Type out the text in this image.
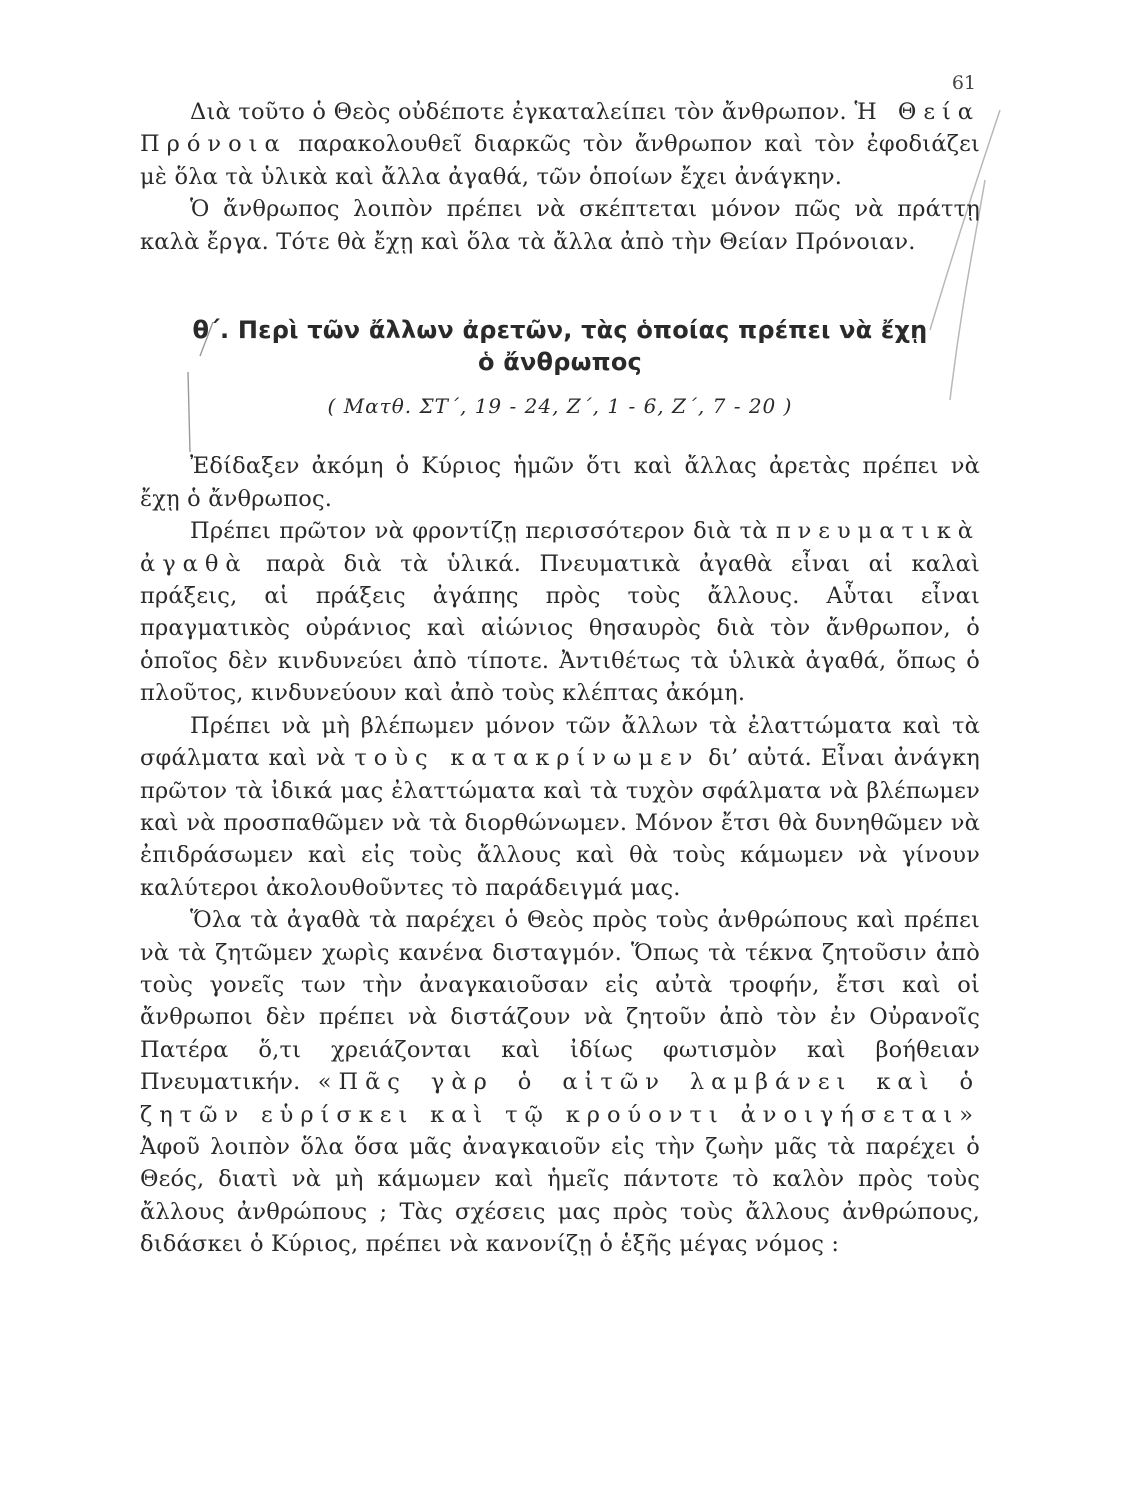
61

Διὰ τοῦτο ὁ Θεὸς οὐδέποτε ἐγκαταλείπει τὸν ἄνθρωπον. Ἡ Θεία Πρόνοια παρακολουθεῖ διαρκῶς τὸν ἄνθρωπον καὶ τὸν ἐφοδιάζει μὲ ὅλα τὰ ὑλικὰ καὶ ἄλλα ἀγαθά, τῶν ὁποίων ἔχει ἀνάγκην.

Ὁ ἄνθρωπος λοιπὸν πρέπει νὰ σκέπτεται μόνον πῶς νὰ πράττῃ καλὰ ἔργα. Τότε θὰ ἔχῃ καὶ ὅλα τὰ ἄλλα ἀπὸ τὴν Θείαν Πρόνοιαν.

θ΄. Περὶ τῶν ἄλλων ἀρετῶν, τὰς ὁποίας πρέπει νὰ ἔχῃ
ὁ ἄνθρωπος

( Ματθ. ΣΤ΄, 19 - 24, Ζ΄, 1 - 6, Ζ΄, 7 - 20 )

Ἐδίδαξεν ἀκόμη ὁ Κύριος ἡμῶν ὅτι καὶ ἄλλας ἀρετὰς πρέπει νὰ ἔχῃ ὁ ἄνθρωπος.

Πρέπει πρῶτον νὰ φροντίζῃ περισσότερον διὰ τὰ πνευματικὰ ἀγαθὰ παρὰ διὰ τὰ ὑλικά. Πνευματικὰ ἀγαθὰ εἶναι αἱ καλαὶ πράξεις, αἱ πράξεις ἀγάπης πρὸς τοὺς ἄλλους. Αὗται εἶναι πραγματικὸς οὐράνιος καὶ αἰώνιος θησαυρὸς διὰ τὸν ἄνθρωπον, ὁ ὁποῖος δὲν κινδυνεύει ἀπὸ τίποτε. Ἀντιθέτως τὰ ὑλικὰ ἀγαθά, ὅπως ὁ πλοῦτος, κινδυνεύουν καὶ ἀπὸ τοὺς κλέπτας ἀκόμη.

Πρέπει νὰ μὴ βλέπωμεν μόνον τῶν ἄλλων τὰ ἐλαττώματα καὶ τὰ σφάλματα καὶ νὰ τοὺς κατακρίνωμεν δι’ αὐτά. Εἶναι ἀνάγκη πρῶτον τὰ ἰδικά μας ἐλαττώματα καὶ τὰ τυχὸν σφάλματα νὰ βλέπωμεν καὶ νὰ προσπαθῶμεν νὰ τὰ διορθώνωμεν. Μόνον ἔτσι θὰ δυνηθῶμεν νὰ ἐπιδράσωμεν καὶ εἰς τοὺς ἄλλους καὶ θὰ τοὺς κάμωμεν νὰ γίνουν καλύτεροι ἀκολουθοῦντες τὸ παράδειγμά μας.

Ὅλα τὰ ἀγαθὰ τὰ παρέχει ὁ Θεὸς πρὸς τοὺς ἀνθρώπους καὶ πρέπει νὰ τὰ ζητῶμεν χωρὶς κανένα δισταγμόν. Ὅπως τὰ τέκνα ζητοῦσιν ἀπὸ τοὺς γονεῖς των τὴν ἀναγκαιοῦσαν εἰς αὐτὰ τροφήν, ἔτσι καὶ οἱ ἄνθρωποι δὲν πρέπει νὰ διστάζουν νὰ ζητοῦν ἀπὸ τὸν ἐν Οὐρανοῖς Πατέρα ὅ,τι χρειάζονται καὶ ἰδίως φωτισμὸν καὶ βοήθειαν Πνευματικήν. «Πᾶς γὰρ ὁ αἰτῶν λαμβάνει καὶ ὁ ζητῶν εὑρίσκει καὶ τῷ κρούοντι ἀνοιγήσεται» Ἀφοῦ λοιπὸν ὅλα ὅσα μᾶς ἀναγκαιοῦν εἰς τὴν ζωὴν μᾶς τὰ παρέχει ὁ Θεός, διατὶ νὰ μὴ κάμωμεν καὶ ἡμεῖς πάντοτε τὸ καλὸν πρὸς τοὺς ἄλλους ἀνθρώπους ; Τὰς σχέσεις μας πρὸς τοὺς ἄλλους ἀνθρώπους, διδάσκει ὁ Κύριος, πρέπει νὰ κανονίζῃ ὁ ἑξῆς μέγας νόμος :
